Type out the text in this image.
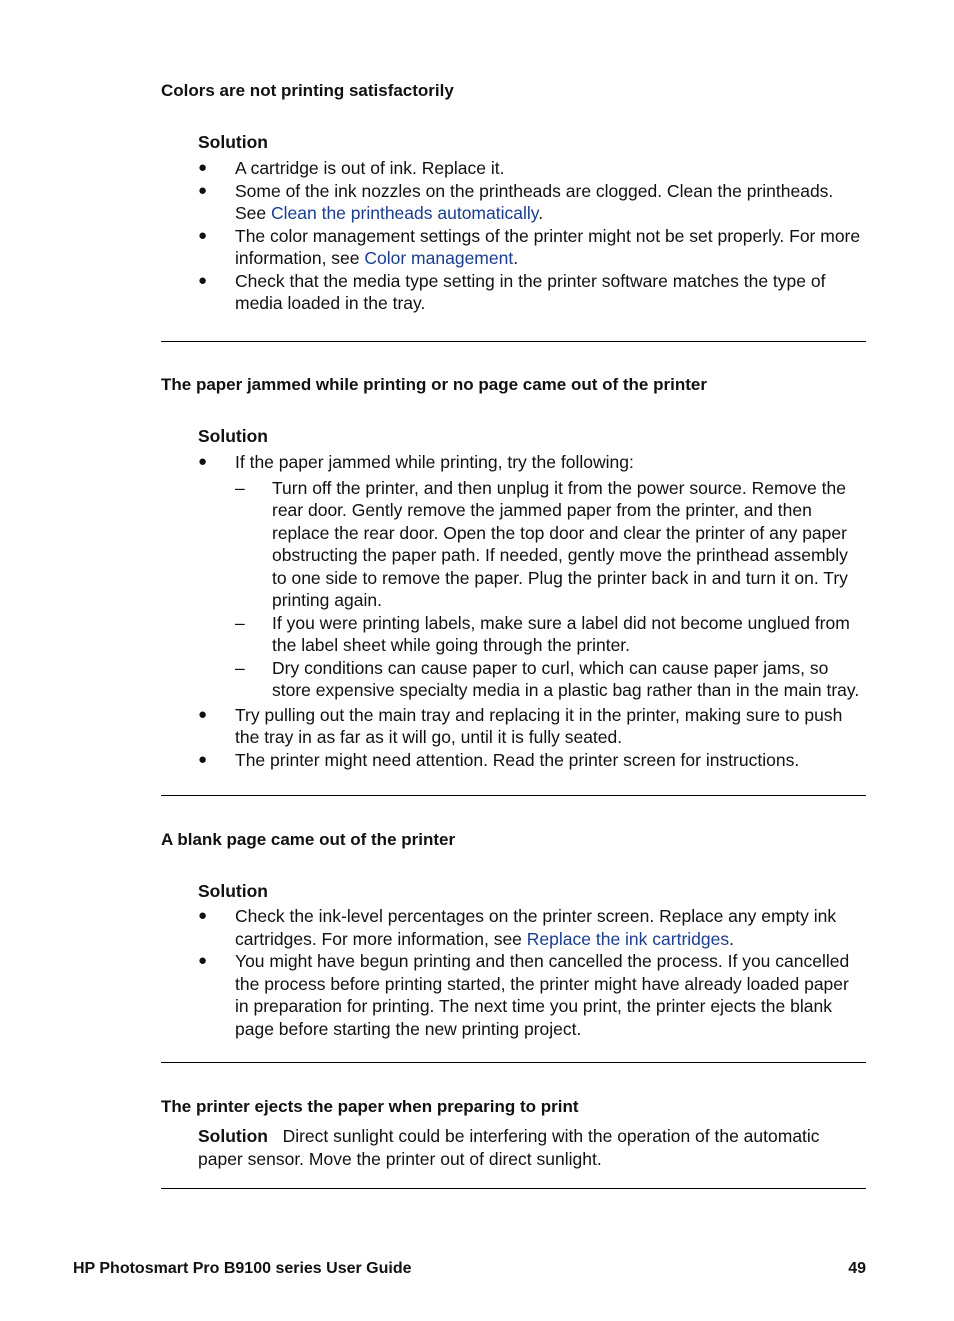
Colors are not printing satisfactorily
Solution
● A cartridge is out of ink. Replace it.
● Some of the ink nozzles on the printheads are clogged. Clean the printheads. See Clean the printheads automatically.
● The color management settings of the printer might not be set properly. For more information, see Color management.
● Check that the media type setting in the printer software matches the type of media loaded in the tray.
The paper jammed while printing or no page came out of the printer
Solution
● If the paper jammed while printing, try the following:
– Turn off the printer, and then unplug it from the power source. Remove the rear door. Gently remove the jammed paper from the printer, and then replace the rear door. Open the top door and clear the printer of any paper obstructing the paper path. If needed, gently move the printhead assembly to one side to remove the paper. Plug the printer back in and turn it on. Try printing again.
– If you were printing labels, make sure a label did not become unglued from the label sheet while going through the printer.
– Dry conditions can cause paper to curl, which can cause paper jams, so store expensive specialty media in a plastic bag rather than in the main tray.
● Try pulling out the main tray and replacing it in the printer, making sure to push the tray in as far as it will go, until it is fully seated.
● The printer might need attention. Read the printer screen for instructions.
A blank page came out of the printer
Solution
● Check the ink-level percentages on the printer screen. Replace any empty ink cartridges. For more information, see Replace the ink cartridges.
● You might have begun printing and then cancelled the process. If you cancelled the process before printing started, the printer might have already loaded paper in preparation for printing. The next time you print, the printer ejects the blank page before starting the new printing project.
The printer ejects the paper when preparing to print
Solution Direct sunlight could be interfering with the operation of the automatic paper sensor. Move the printer out of direct sunlight.
HP Photosmart Pro B9100 series User Guide	49
